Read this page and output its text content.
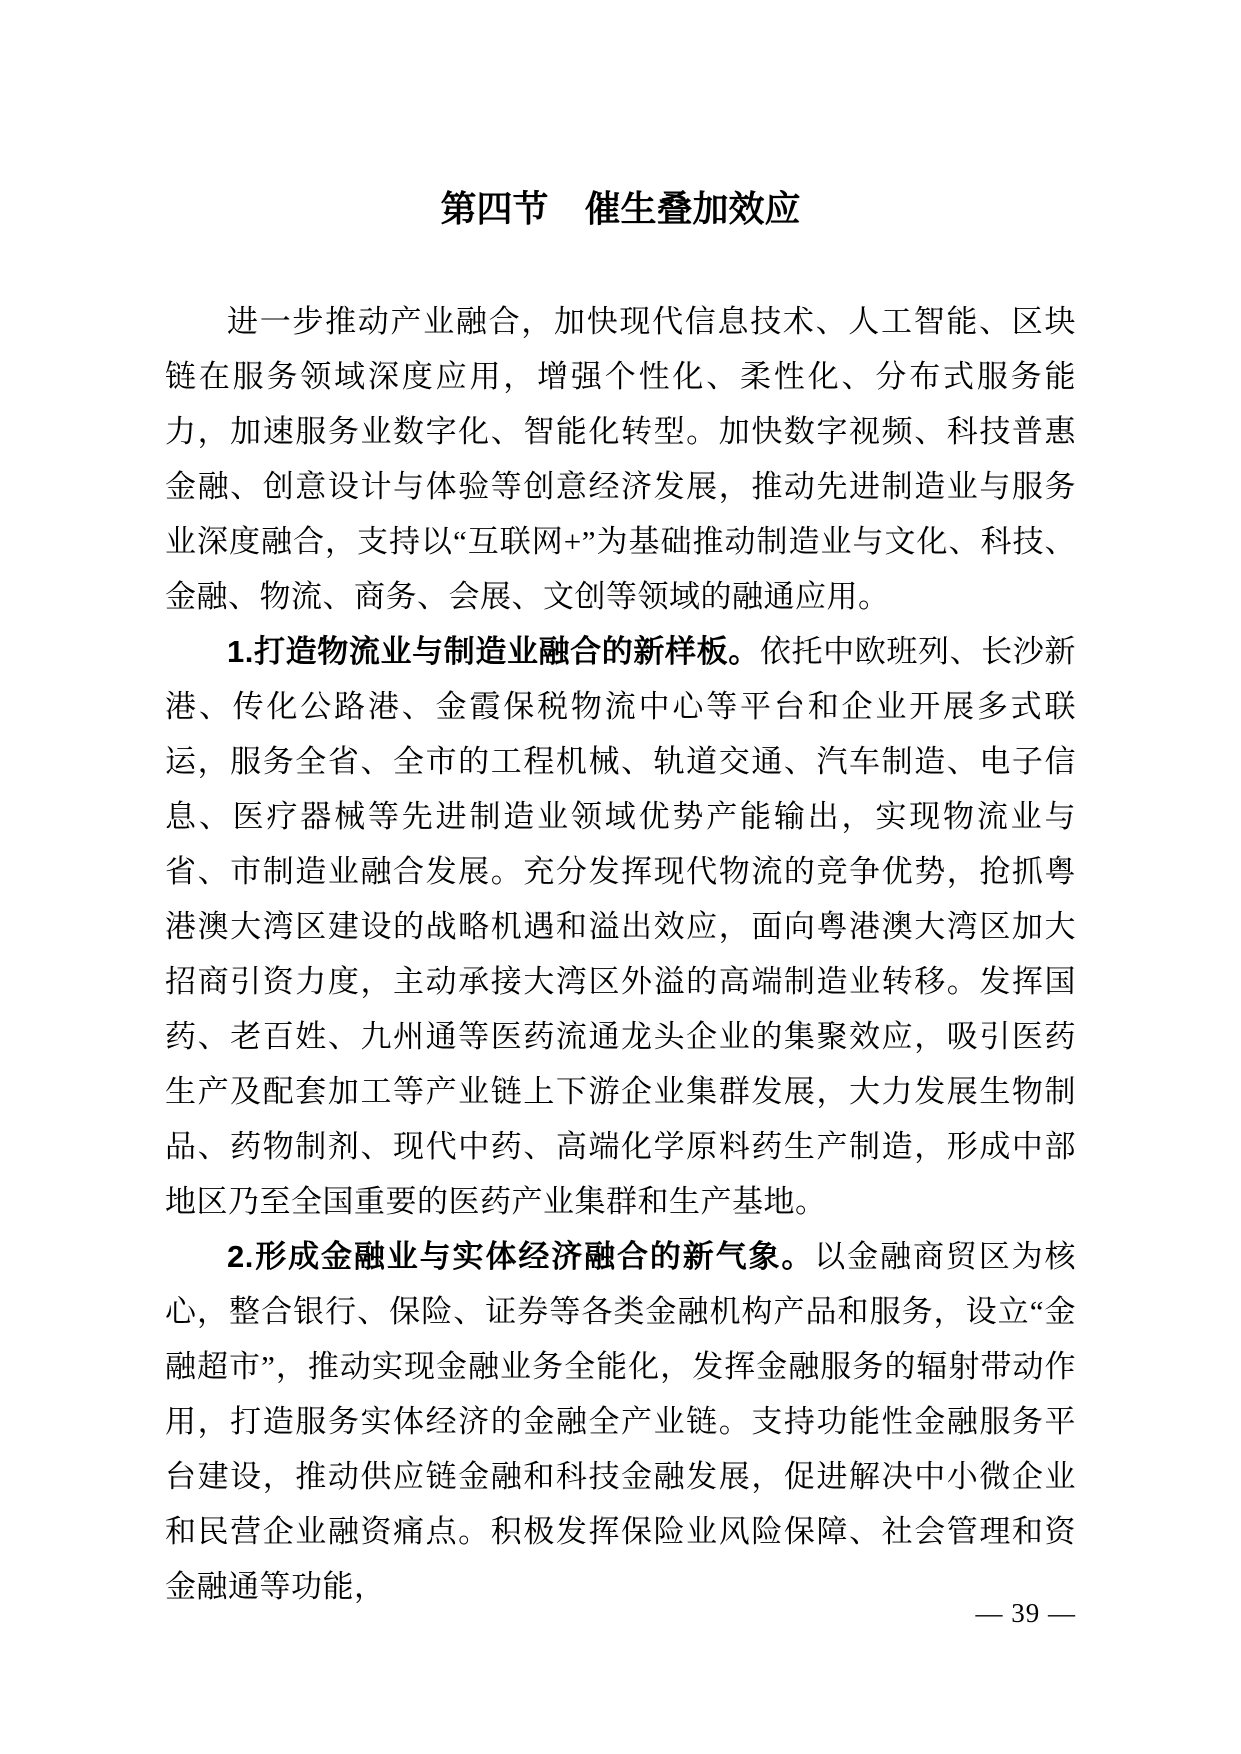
第四节　催生叠加效应

进一步推动产业融合，加快现代信息技术、人工智能、区块链在服务领域深度应用，增强个性化、柔性化、分布式服务能力，加速服务业数字化、智能化转型。加快数字视频、科技普惠金融、创意设计与体验等创意经济发展，推动先进制造业与服务业深度融合，支持以“互联网+”为基础推动制造业与文化、科技、金融、物流、商务、会展、文创等领域的融通应用。

1.打造物流业与制造业融合的新样板。依托中欧班列、长沙新港、传化公路港、金霞保税物流中心等平台和企业开展多式联运，服务全省、全市的工程机械、轨道交通、汽车制造、电子信息、医疗器械等先进制造业领域优势产能输出，实现物流业与省、市制造业融合发展。充分发挥现代物流的竞争优势，抢抓粤港澳大湾区建设的战略机遇和溢出效应，面向粤港澳大湾区加大招商引资力度，主动承接大湾区外溢的高端制造业转移。发挥国药、老百姓、九州通等医药流通龙头企业的集聚效应，吸引医药生产及配套加工等产业链上下游企业集群发展，大力发展生物制品、药物制剂、现代中药、高端化学原料药生产制造，形成中部地区乃至全国重要的医药产业集群和生产基地。

2.形成金融业与实体经济融合的新气象。以金融商贸区为核心，整合银行、保险、证券等各类金融机构产品和服务，设立“金融超市”，推动实现金融业务全能化，发挥金融服务的辐射带动作用，打造服务实体经济的金融全产业链。支持功能性金融服务平台建设，推动供应链金融和科技金融发展，促进解决中小微企业和民营企业融资痛点。积极发挥保险业风险保障、社会管理和资金融通等功能，

— 39 —
